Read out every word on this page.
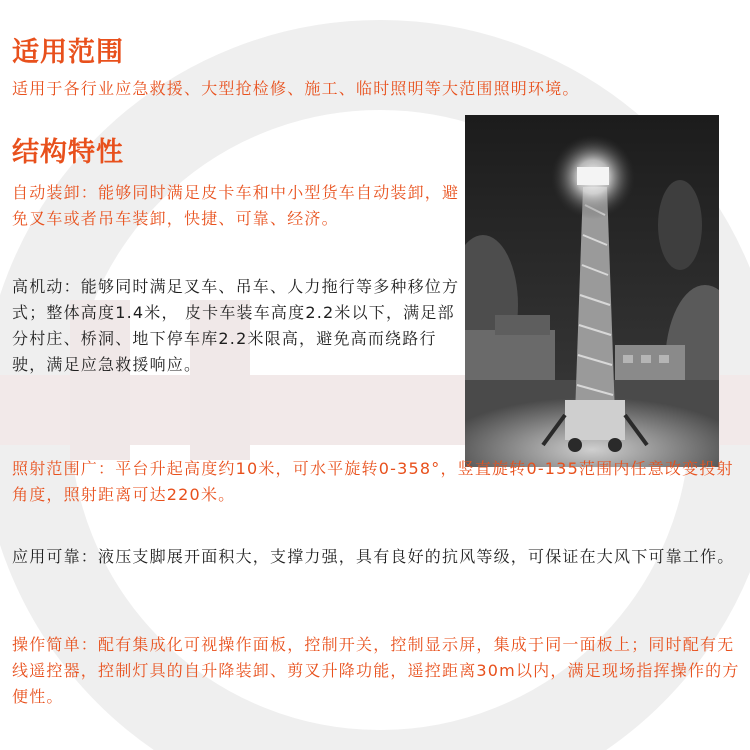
适用范围

适用于各行业应急救援、大型抢检修、施工、临时照明等大范围照明环境。

结构特性

自动装卸：能够同时满足皮卡车和中小型货车自动装卸，避免叉车或者吊车装卸，快捷、可靠、经济。

高机动：能够同时满足叉车、吊车、人力拖行等多种移位方式；整体高度1.4米， 皮卡车装车高度2.2米以下，满足部分村庄、桥洞、地下停车库2.2米限高，避免高而绕路行驶，满足应急救援响应。

照射范围广：平台升起高度约10米，可水平旋转0-358°，竖直旋转0-135范围内任意改变投射角度，照射距离可达220米。

应用可靠：液压支脚展开面积大，支撑力强，具有良好的抗风等级，可保证在大风下可靠工作。

操作简单：配有集成化可视操作面板，控制开关，控制显示屏，集成于同一面板上；同时配有无线遥控器，控制灯具的自升降装卸、剪叉升降功能，遥控距离30m以内，满足现场指挥操作的方便性。
